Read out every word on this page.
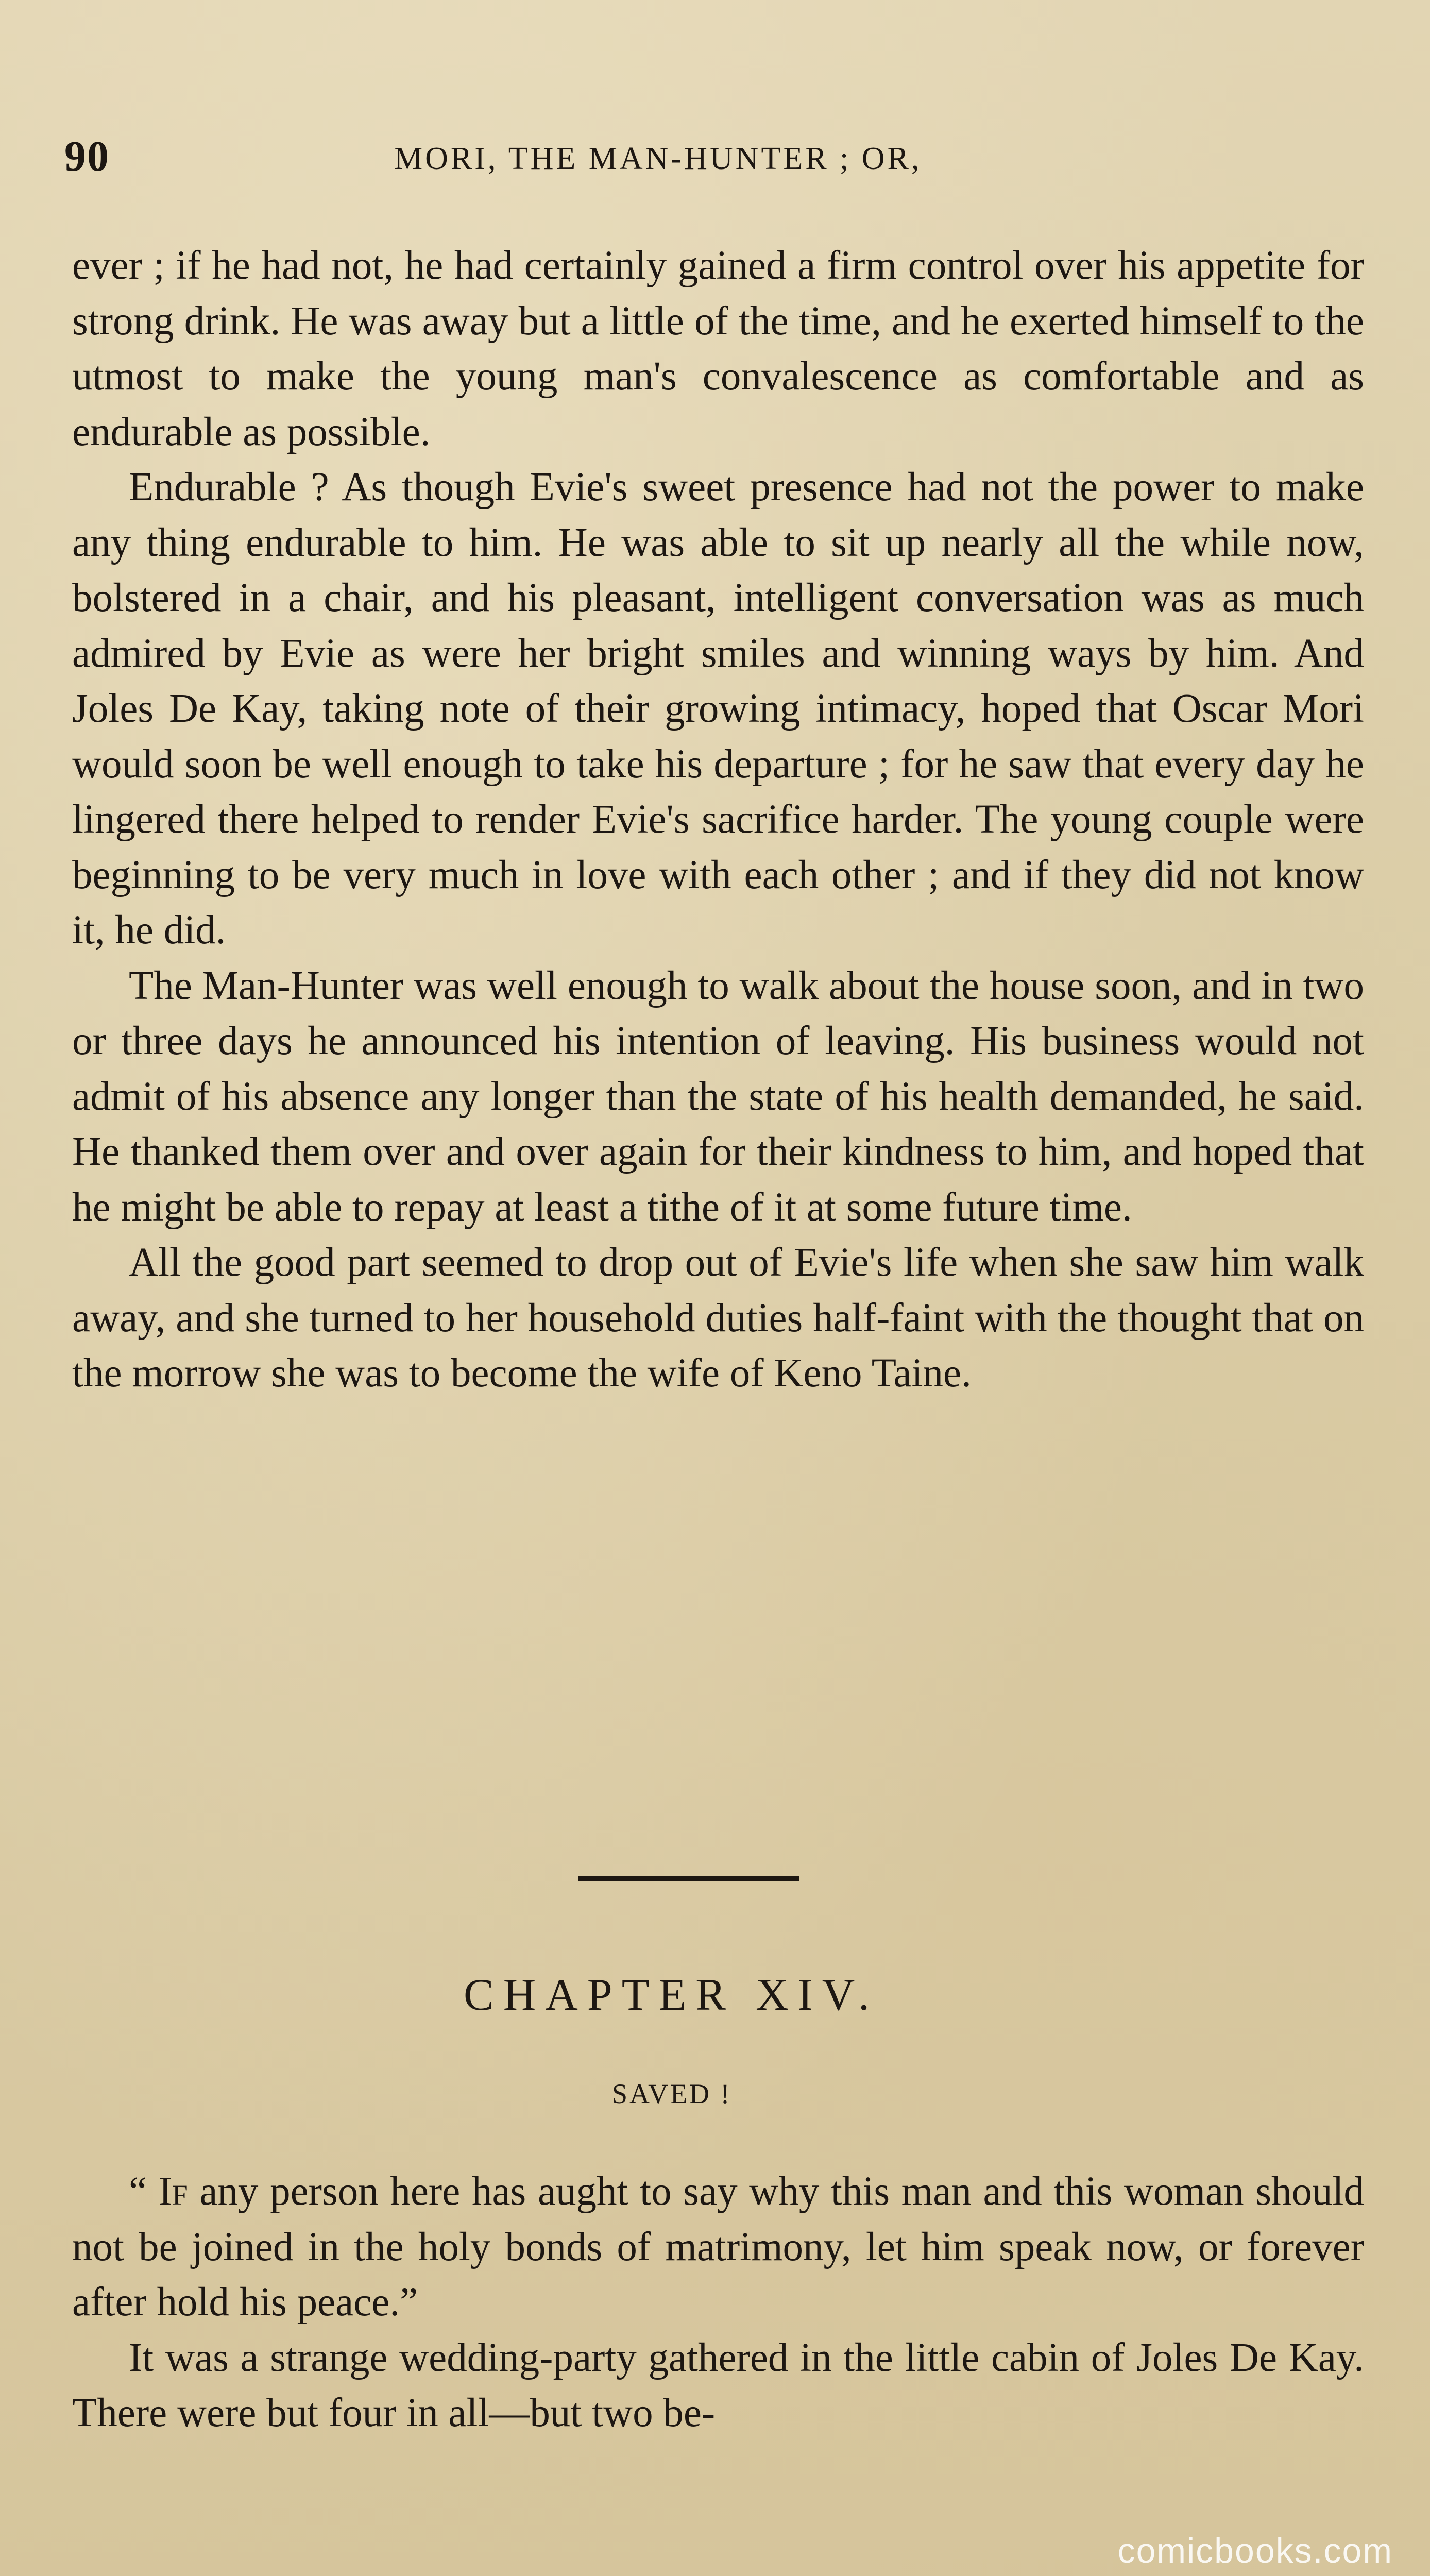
90	MORI, THE MAN-HUNTER ; OR,

ever ; if he had not, he had certainly gained a firm control over his appetite for strong drink. He was away but a little of the time, and he exerted himself to the utmost to make the young man's convalescence as comfortable and as endurable as possible.

Endurable ? As though Evie's sweet presence had not the power to make any thing endurable to him. He was able to sit up nearly all the while now, bolstered in a chair, and his pleasant, intelligent conversation was as much admired by Evie as were her bright smiles and winning ways by him. And Joles De Kay, taking note of their growing intimacy, hoped that Oscar Mori would soon be well enough to take his departure ; for he saw that every day he lingered there helped to render Evie's sacrifice harder. The young couple were beginning to be very much in love with each other ; and if they did not know it, he did.

The Man-Hunter was well enough to walk about the house soon, and in two or three days he announced his intention of leaving. His business would not admit of his absence any longer than the state of his health demanded, he said. He thanked them over and over again for their kindness to him, and hoped that he might be able to repay at least a tithe of it at some future time.

All the good part seemed to drop out of Evie's life when she saw him walk away, and she turned to her household duties half-faint with the thought that on the morrow she was to become the wife of Keno Taine.

CHAPTER XIV.
SAVED !

“ If any person here has aught to say why this man and this woman should not be joined in the holy bonds of matrimony, let him speak now, or forever after hold his peace.”

It was a strange wedding-party gathered in the little cabin of Joles De Kay. There were but four in all—but two be-

comicbooks.com
